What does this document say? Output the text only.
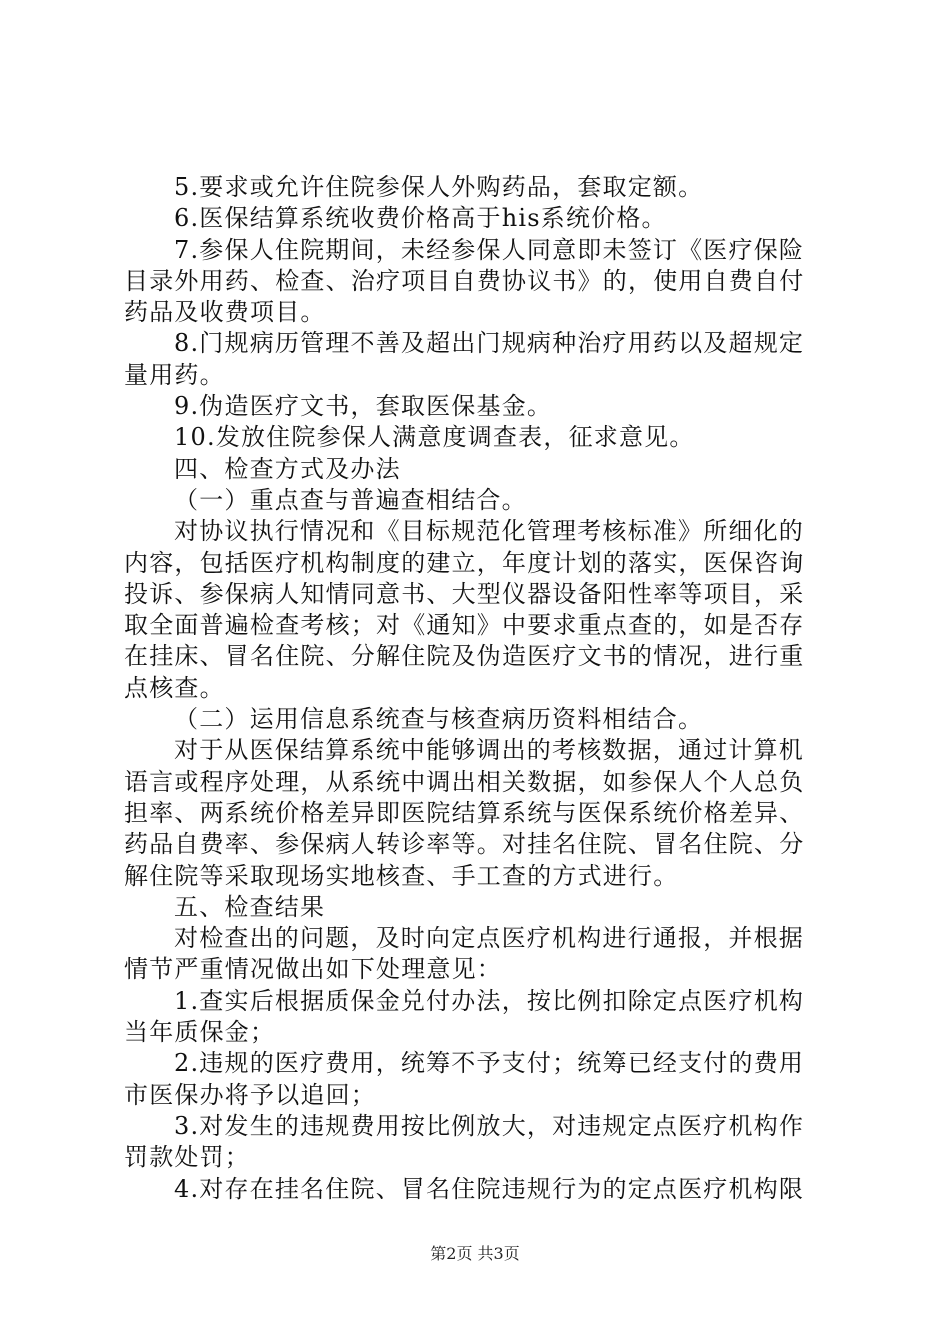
5.要求或允许住院参保人外购药品，套取定额。
6.医保结算系统收费价格高于his系统价格。
7.参保人住院期间，未经参保人同意即未签订《医疗保险
目录外用药、检查、治疗项目自费协议书》的，使用自费自付
药品及收费项目。
8.门规病历管理不善及超出门规病种治疗用药以及超规定
量用药。
9.伪造医疗文书，套取医保基金。
10.发放住院参保人满意度调查表，征求意见。
四、检查方式及办法
（一）重点查与普遍查相结合。
对协议执行情况和《目标规范化管理考核标准》所细化的
内容，包括医疗机构制度的建立，年度计划的落实，医保咨询
投诉、参保病人知情同意书、大型仪器设备阳性率等项目，采
取全面普遍检查考核；对《通知》中要求重点查的，如是否存
在挂床、冒名住院、分解住院及伪造医疗文书的情况，进行重
点核查。
（二）运用信息系统查与核查病历资料相结合。
对于从医保结算系统中能够调出的考核数据，通过计算机
语言或程序处理，从系统中调出相关数据，如参保人个人总负
担率、两系统价格差异即医院结算系统与医保系统价格差异、
药品自费率、参保病人转诊率等。对挂名住院、冒名住院、分
解住院等采取现场实地核查、手工查的方式进行。
五、检查结果
对检查出的问题，及时向定点医疗机构进行通报，并根据
情节严重情况做出如下处理意见：
1.查实后根据质保金兑付办法，按比例扣除定点医疗机构
当年质保金；
2.违规的医疗费用，统筹不予支付；统筹已经支付的费用
市医保办将予以追回；
3.对发生的违规费用按比例放大，对违规定点医疗机构作
罚款处罚；
4.对存在挂名住院、冒名住院违规行为的定点医疗机构限
第2页 共3页
